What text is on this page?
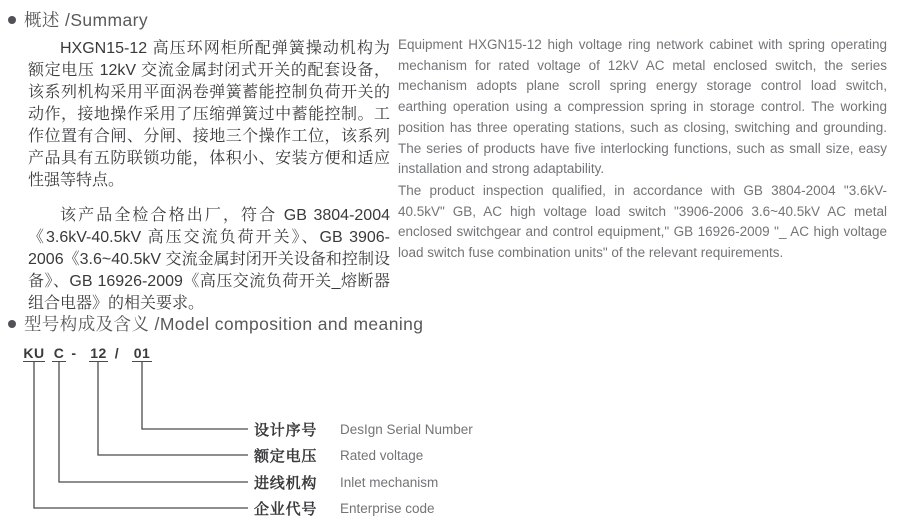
概述 /Summary

HXGN15-12 高压环网柜所配弹簧操动机构为额定电压 12kV 交流金属封闭式开关的配套设备，该系列机构采用平面涡卷弹簧蓄能控制负荷开关的动作，接地操作采用了压缩弹簧过中蓄能控制。工作位置有合闸、分闸、接地三个操作工位，该系列产品具有五防联锁功能，体积小、安装方便和适应性强等特点。

该产品全检合格出厂，符合 GB 3804-2004 《3.6kV-40.5kV 高压交流负荷开关》、GB 3906-2006《3.6~40.5kV 交流金属封闭开关设备和控制设备》、GB 16926-2009《高压交流负荷开关_熔断器组合电器》的相关要求。

Equipment HXGN15-12 high voltage ring network cabinet with spring operating mechanism for rated voltage of 12kV AC metal enclosed switch, the series mechanism adopts plane scroll spring energy storage control load switch, earthing operation using a compression spring in storage control. The working position has three operating stations, such as closing, switching and grounding. The series of products have five interlocking functions, such as small size, easy installation and strong adaptability.

The product inspection qualified, in accordance with GB 3804-2004 "3.6kV-40.5kV" GB, AC high voltage load switch "3906-2006 3.6~40.5kV AC metal enclosed switchgear and control equipment," GB 16926-2009 "_ AC high voltage load switch fuse combination units" of the relevant requirements.

型号构成及含义 /Model composition and meaning
KU C - 12 / 01
设计序号	DesIgn Serial Number
额定电压	Rated voltage
进线机构	Inlet mechanism
企业代号	Enterprise code
